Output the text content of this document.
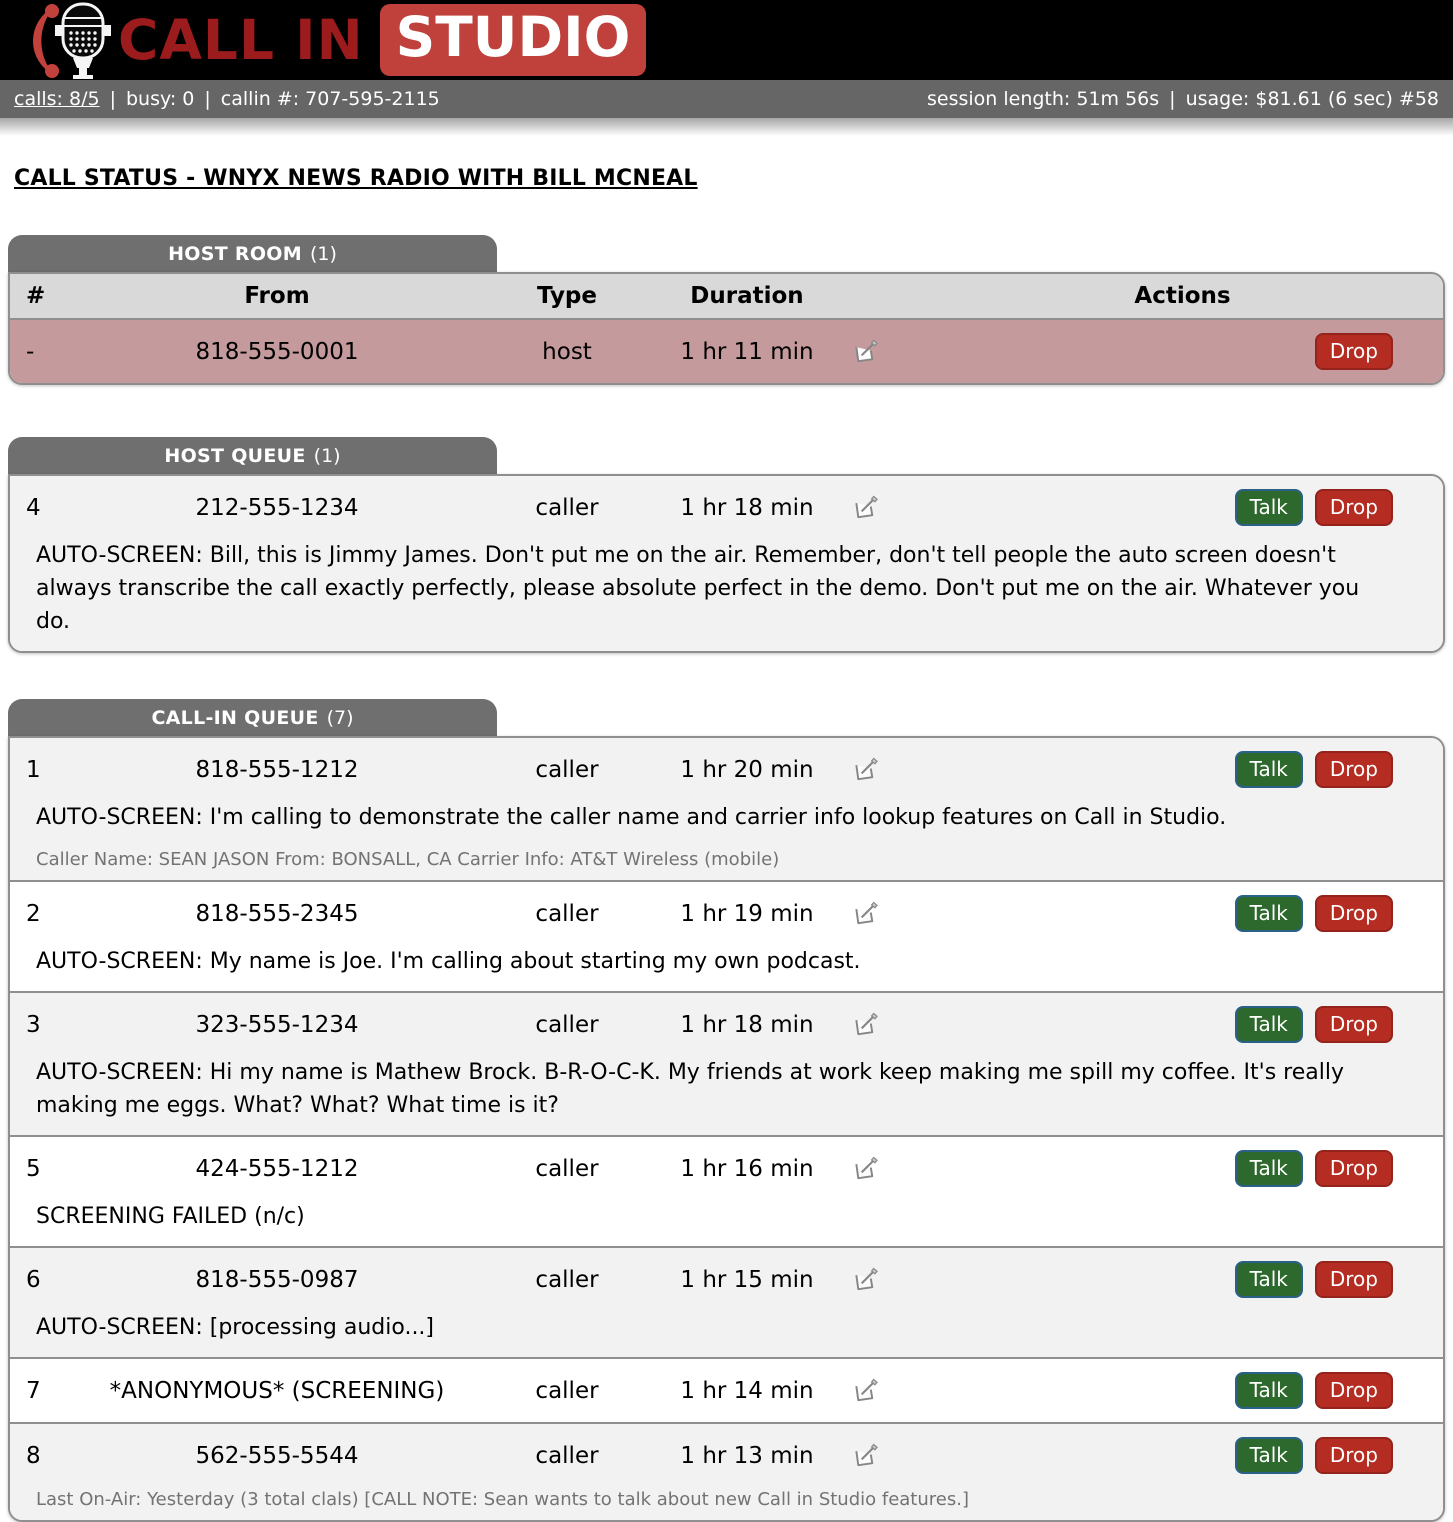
CALL IN STUDIO
calls: 8/5 | busy: 0 | callin #: 707-595-2115	session length: 51m 56s | usage: $81.61 (6 sec) #58
CALL STATUS - WNYX NEWS RADIO WITH BILL MCNEAL
HOST ROOM (1)
#	From	Type	Duration	Actions
-	818-555-0001	host	1 hr 11 min	Drop
HOST QUEUE (1)
4	212-555-1234	caller	1 hr 18 min	Talk	Drop
AUTO-SCREEN: Bill, this is Jimmy James. Don't put me on the air. Remember, don't tell people the auto screen doesn't always transcribe the call exactly perfectly, please absolute perfect in the demo. Don't put me on the air. Whatever you do.
CALL-IN QUEUE (7)
1	818-555-1212	caller	1 hr 20 min	Talk	Drop
AUTO-SCREEN: I'm calling to demonstrate the caller name and carrier info lookup features on Call in Studio.
Caller Name: SEAN JASON From: BONSALL, CA Carrier Info: AT&T Wireless (mobile)
2	818-555-2345	caller	1 hr 19 min	Talk	Drop
AUTO-SCREEN: My name is Joe. I'm calling about starting my own podcast.
3	323-555-1234	caller	1 hr 18 min	Talk	Drop
AUTO-SCREEN: Hi my name is Mathew Brock. B-R-O-C-K. My friends at work keep making me spill my coffee. It's really making me eggs. What? What? What time is it?
5	424-555-1212	caller	1 hr 16 min	Talk	Drop
SCREENING FAILED (n/c)
6	818-555-0987	caller	1 hr 15 min	Talk	Drop
AUTO-SCREEN: [processing audio...]
7	*ANONYMOUS* (SCREENING)	caller	1 hr 14 min	Talk	Drop
8	562-555-5544	caller	1 hr 13 min	Talk	Drop
Last On-Air: Yesterday (3 total clals) [CALL NOTE: Sean wants to talk about new Call in Studio features.]
